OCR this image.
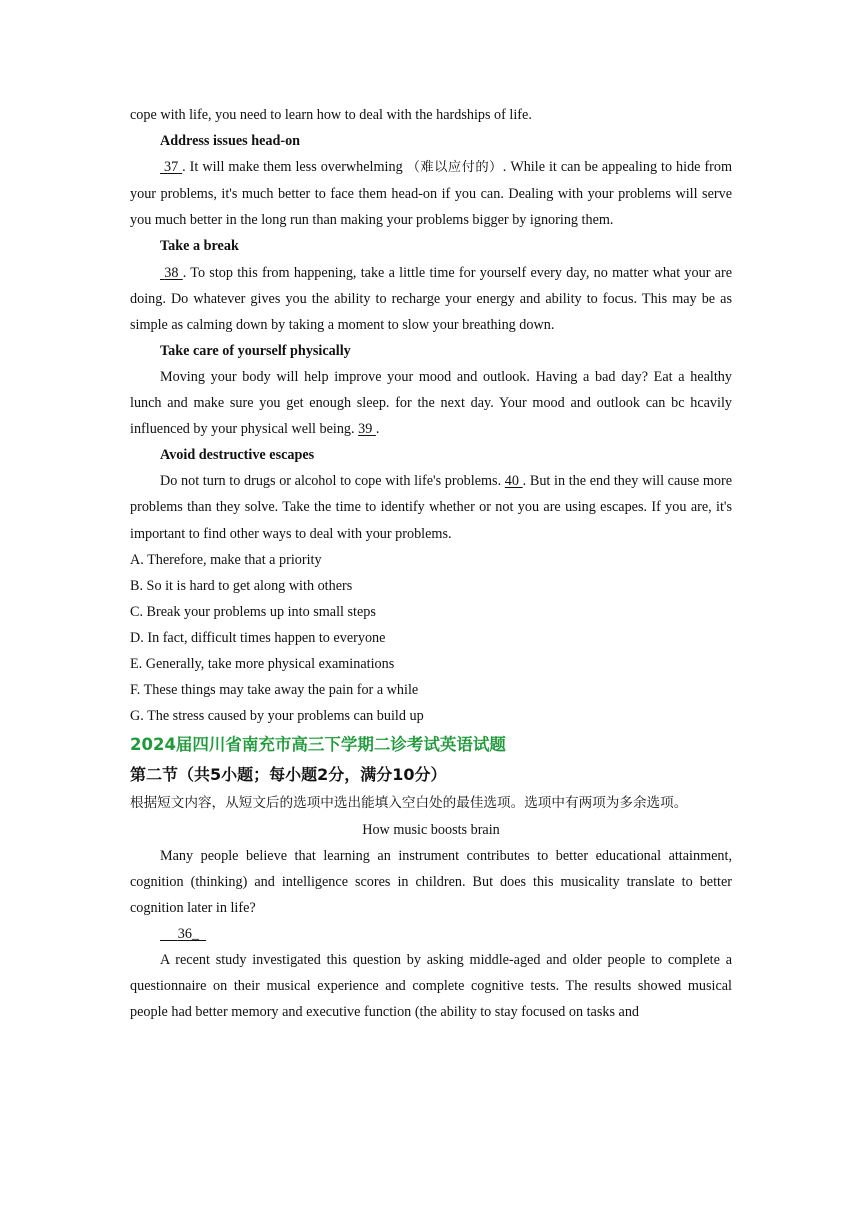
cope with life, you need to learn how to deal with the hardships of life.

Address issues head-on

37 . It will make them less overwhelming （难以应付的）. While it can be appealing to hide from your problems, it's much better to face them head-on if you can. Dealing with your problems will serve you much better in the long run than making your problems bigger by ignoring them.

Take a break

38 . To stop this from happening, take a little time for yourself every day, no matter what your are doing. Do whatever gives you the ability to recharge your energy and ability to focus. This may be as simple as calming down by taking a moment to slow your breathing down.

Take care of yourself physically

Moving your body will help improve your mood and outlook. Having a bad day? Eat a healthy lunch and make sure you get enough sleep. for the next day. Your mood and outlook can bc hcavily influenced by your physical well being. 39 .

Avoid destructive escapes

Do not turn to drugs or alcohol to cope with life's problems. 40 . But in the end they will cause more problems than they solve. Take the time to identify whether or not you are using escapes. If you are, it's important to find other ways to deal with your problems.

A. Therefore, make that a priority

B. So it is hard to get along with others

C. Break your problems up into small steps

D. In fact, difficult times happen to everyone

E. Generally, take more physical examinations

F. These things may take away the pain for a while

G. The stress caused by your problems can build up

2024届四川省南充市高三下学期二诊考试英语试题

第二节（共5小题；每小题2分，满分10分）

根据短文内容，从短文后的选项中选出能填入空白处的最佳选项。选项中有两项为多余选项。

How music boosts brain

Many people believe that learning an instrument contributes to better educational attainment, cognition (thinking) and intelligence scores in children. But does this musicality translate to better cognition later in life?

36_

A recent study investigated this question by asking middle-aged and older people to complete a questionnaire on their musical experience and complete cognitive tests. The results showed musical people had better memory and executive function (the ability to stay focused on tasks and
